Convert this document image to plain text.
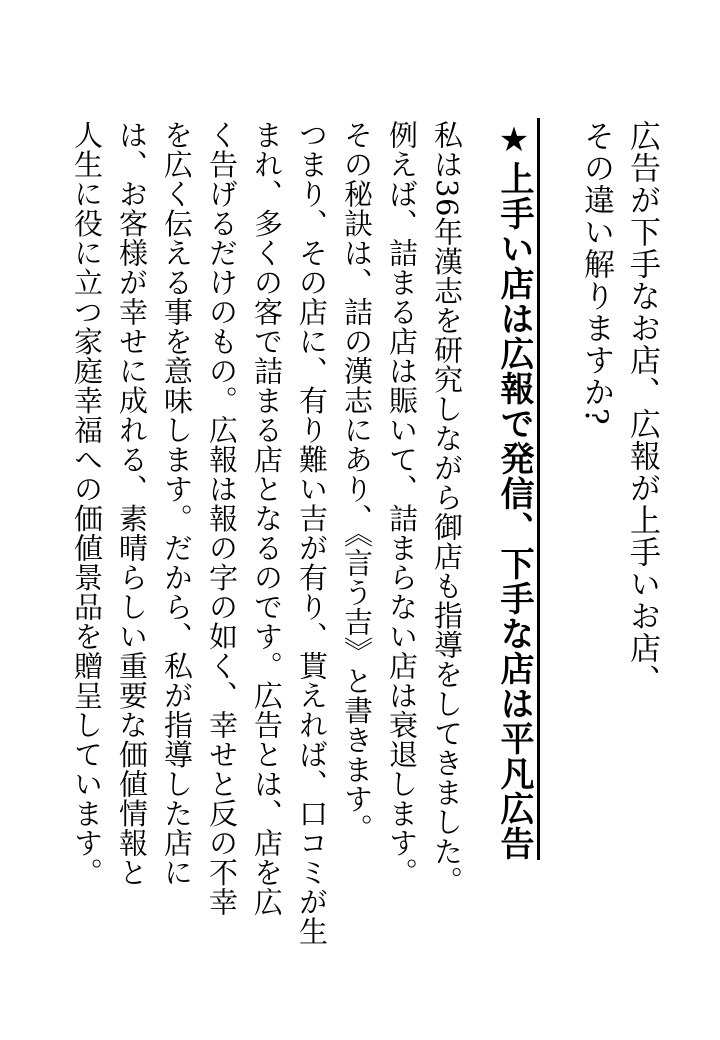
広告が下手なお店、広報が上手いお店、
その違い解りますか?
★上手い店は広報で発信、下手な店は平凡広告
私は36年漢志を研究しながら御店も指導をしてきました。
例えば、詰まる店は賑いて、詰まらない店は衰退します。
その秘訣は、詰の漢志にあり、《言う吉》と書きます。
つまり、その店に、有り難い吉が有り、貰えれば、口コミが生
まれ、多くの客で詰まる店となるのです。広告とは、店を広
く告げるだけのもの。広報は報の字の如く、幸せと反の不幸
を広く伝える事を意味します。だから、私が指導した店に
は、お客様が幸せに成れる、素晴らしい重要な価値情報と
人生に役に立つ家庭幸福への価値景品を贈呈しています。
